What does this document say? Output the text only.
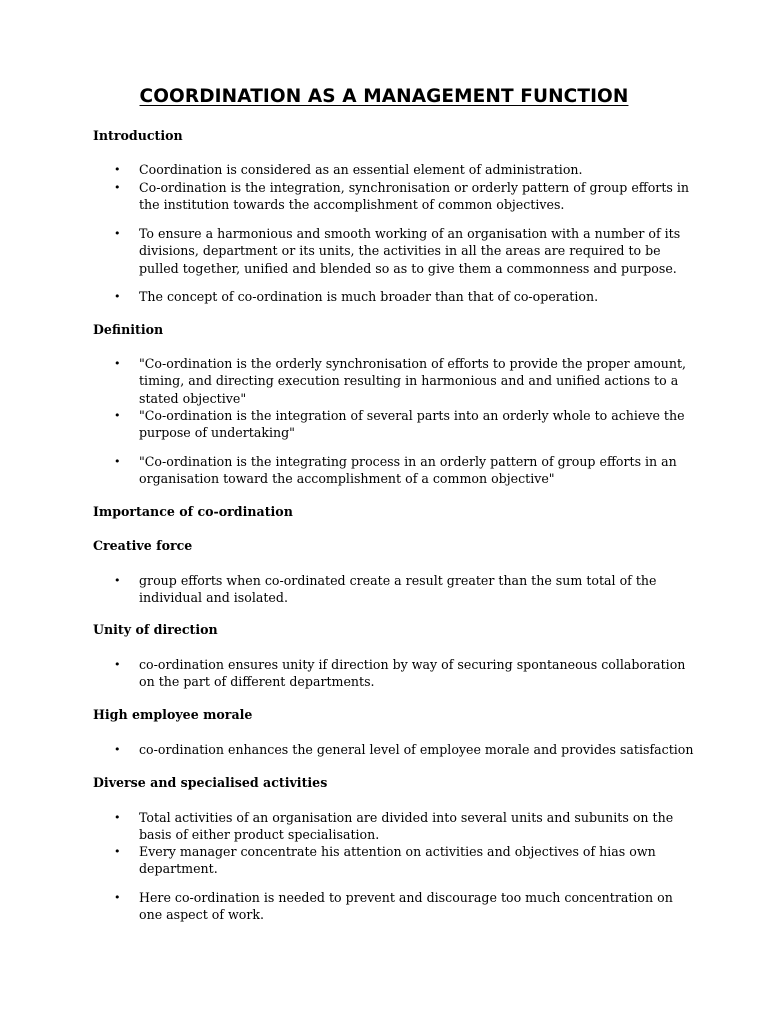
COORDINATION AS A MANAGEMENT FUNCTION

Introduction

• Coordination is considered as an essential element of administration.
• Co-ordination is the integration, synchronisation or orderly pattern of group efforts in
the institution towards the accomplishment of common objectives.
• To ensure a harmonious and smooth working of an organisation with a number of its
divisions, department or its units, the activities in all the areas are required to be
pulled together, unified and blended so as to give them a commonness and purpose.
• The concept of co-ordination is much broader than that of co-operation.

Definition

• "Co-ordination is the orderly synchronisation of efforts to provide the proper amount,
timing, and directing execution resulting in harmonious and and unified actions to a
stated objective"
• "Co-ordination is the integration of several parts into an orderly whole to achieve the
purpose of undertaking"
• "Co-ordination is the integrating process in an orderly pattern of group efforts in an
organisation toward the accomplishment of a common objective"

Importance of co-ordination

Creative force

• group efforts when co-ordinated create a result greater than the sum total of the
individual and isolated.

Unity of direction

• co-ordination ensures unity if direction by way of securing spontaneous collaboration
on the part of different departments.

High employee morale

• co-ordination enhances the general level of employee morale and provides satisfaction

Diverse and specialised activities

• Total activities of an organisation are divided into several units and subunits on the
basis of either product specialisation.
• Every manager concentrate his attention on activities and objectives of hias own
department.
• Here co-ordination is needed to prevent and discourage too much concentration on
one aspect of work.
